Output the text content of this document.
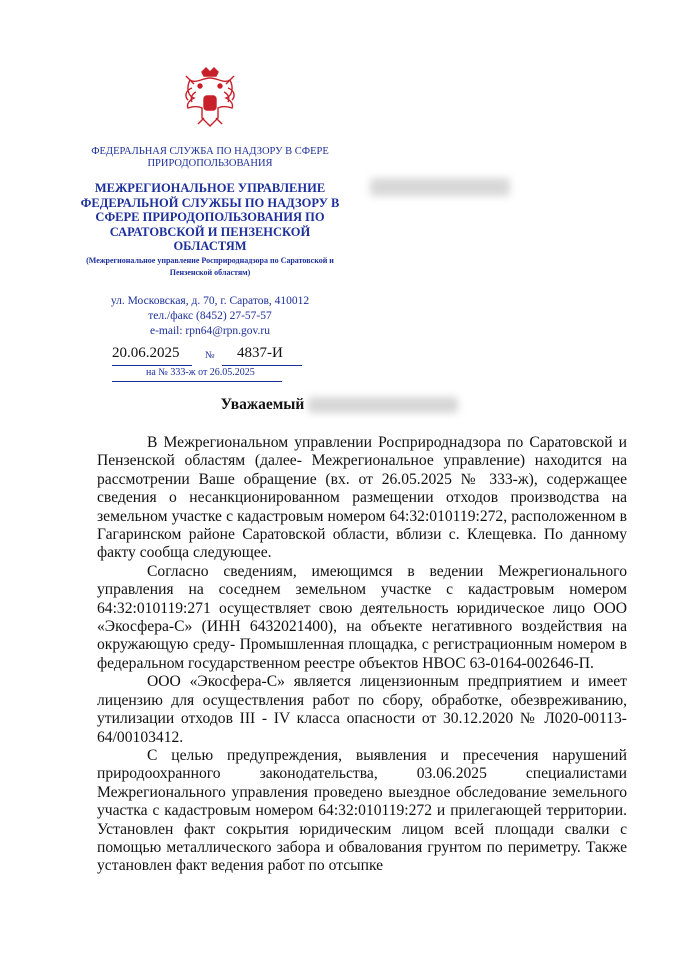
ФЕДЕРАЛЬНАЯ СЛУЖБА ПО НАДЗОРУ В СФЕРЕ ПРИРОДОПОЛЬЗОВАНИЯ
МЕЖРЕГИОНАЛЬНОЕ УПРАВЛЕНИЕ ФЕДЕРАЛЬНОЙ СЛУЖБЫ ПО НАДЗОРУ В СФЕРЕ ПРИРОДОПОЛЬЗОВАНИЯ ПО САРАТОВСКОЙ И ПЕНЗЕНСКОЙ ОБЛАСТЯМ
(Межрегиональное управление Росприроднадзора по Саратовской и Пензенской областям)
ул. Московская, д. 70, г. Саратов, 410012
тел./факс (8452) 27-57-57
e-mail: rpn64@rpn.gov.ru
20.06.2025	№ 4837-И
на № 333-ж от 26.05.2025
Уважаемый

В Межрегиональном управлении Росприроднадзора по Саратовской и Пензенской областям (далее- Межрегиональное управление) находится на рассмотрении Ваше обращение (вх. от 26.05.2025 № 333-ж), содержащее сведения о несанкционированном размещении отходов производства на земельном участке с кадастровым номером 64:32:010119:272, расположенном в Гагаринском районе Саратовской области, вблизи с. Клещевка. По данному факту сообща следующее.

Согласно сведениям, имеющимся в ведении Межрегионального управления на соседнем земельном участке с кадастровым номером 64:32:010119:271 осуществляет свою деятельность юридическое лицо ООО «Экосфера-С» (ИНН 6432021400), на объекте негативного воздействия на окружающую среду- Промышленная площадка, с регистрационным номером в федеральном государственном реестре объектов НВОС 63-0164-002646-П.

ООО «Экосфера-С» является лицензионным предприятием и имеет лицензию для осуществления работ по сбору, обработке, обезвреживанию, утилизации отходов III - IV класса опасности от 30.12.2020 № Л020-00113-64/00103412.

С целью предупреждения, выявления и пресечения нарушений природоохранного законодательства, 03.06.2025 специалистами Межрегионального управления проведено выездное обследование земельного участка с кадастровым номером 64:32:010119:272 и прилегающей территории. Установлен факт сокрытия юридическим лицом всей площади свалки с помощью металлического забора и обвалования грунтом по периметру. Также установлен факт ведения работ по отсыпке
